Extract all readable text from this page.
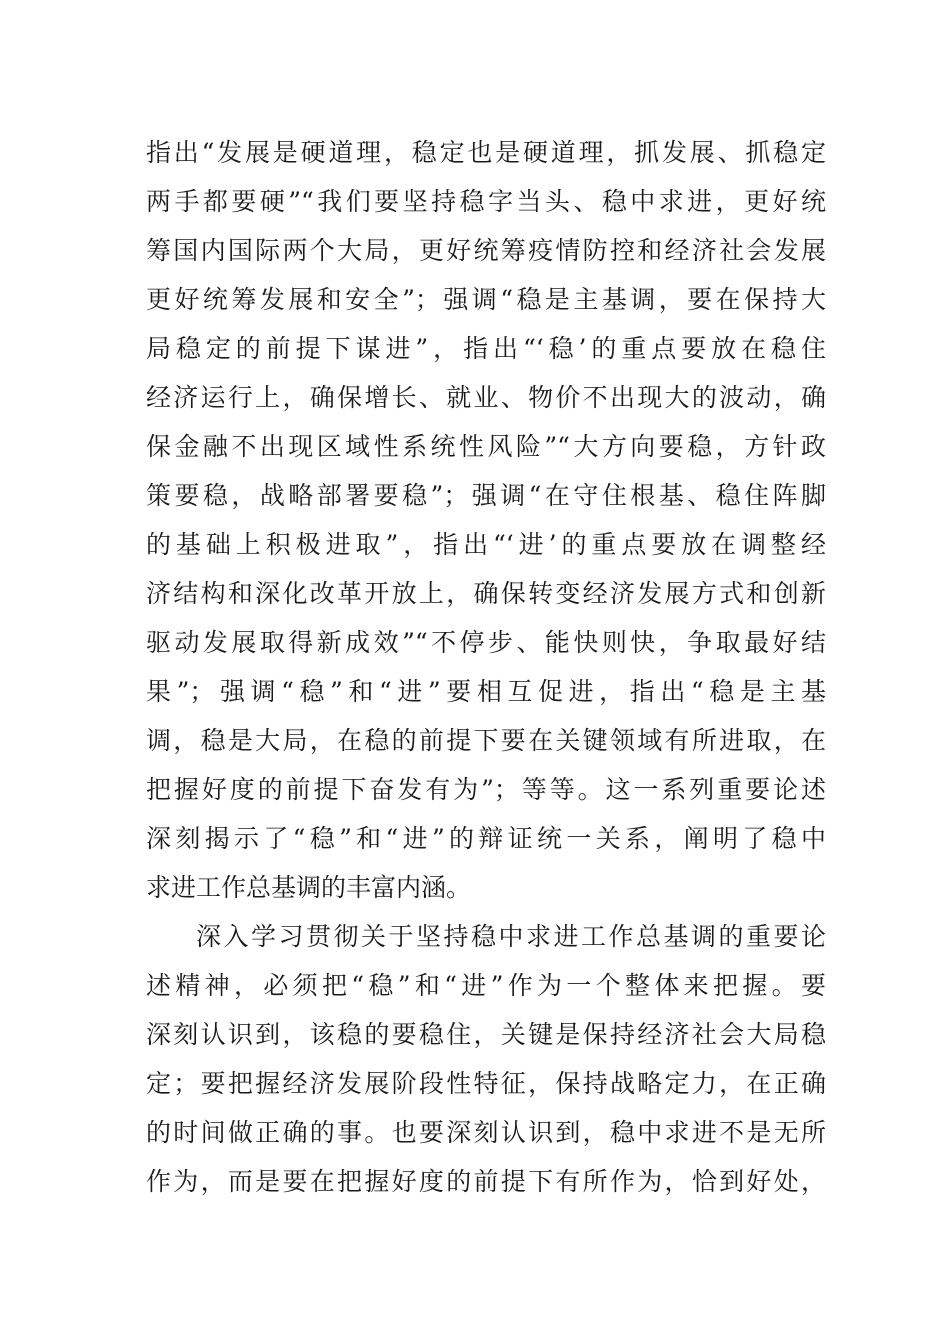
指出“发展是硬道理，稳定也是硬道理，抓发展、抓稳定
两手都要硬”“我们要坚持稳字当头、稳中求进，更好统
筹国内国际两个大局，更好统筹疫情防控和经济社会发展
更好统筹发展和安全”；强调“稳是主基调，要在保持大
局稳定的前提下谋进”，指出“‘稳’的重点要放在稳住
经济运行上，确保增长、就业、物价不出现大的波动，确
保金融不出现区域性系统性风险”“大方向要稳，方针政
策要稳，战略部署要稳”；强调“在守住根基、稳住阵脚
的基础上积极进取”，指出“‘进’的重点要放在调整经
济结构和深化改革开放上，确保转变经济发展方式和创新
驱动发展取得新成效”“不停步、能快则快，争取最好结
果”；强调“稳”和“进”要相互促进，指出“稳是主基
调，稳是大局，在稳的前提下要在关键领域有所进取，在
把握好度的前提下奋发有为”；等等。这一系列重要论述
深刻揭示了“稳”和“进”的辩证统一关系，阐明了稳中
求进工作总基调的丰富内涵。
深入学习贯彻关于坚持稳中求进工作总基调的重要论
述精神，必须把“稳”和“进”作为一个整体来把握。要
深刻认识到，该稳的要稳住，关键是保持经济社会大局稳
定；要把握经济发展阶段性特征，保持战略定力，在正确
的时间做正确的事。也要深刻认识到，稳中求进不是无所
作为，而是要在把握好度的前提下有所作为，恰到好处，
